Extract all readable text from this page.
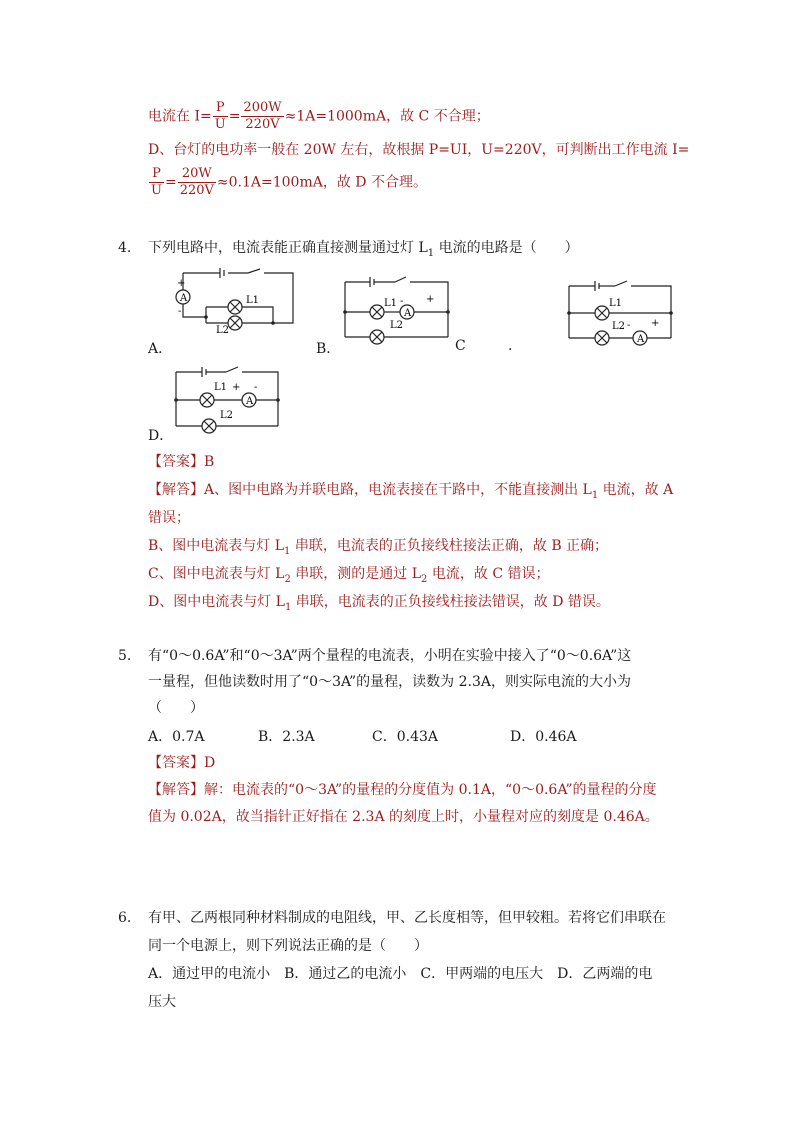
电流在 $I= \frac{P}{U} = \frac{200W}{220V} \approx 1A=1000mA$，故 C 不合理；
D、台灯的电功率一般在 20W 左右，故根据 P=UI，U=220V，可判断出工作电流 I=
$\frac{P}{U} = \frac{20W}{220V} \approx 0.1A=100mA$，故 D 不合理。
4. 下列电路中，电流表能正确直接测量通过灯 $L_1$ 电流的电路是（　　）
A
+
-
L1
L2
A．
A
L1 - +
L2
B．	C	.	A
L1
L2 - +
A
L1 + -
L2
D．
【答案】B
【解答】A、图中电路为并联电路，电流表接在干路中，不能直接测出 $L_1$ 电流，故 A
错误；
B、图中电流表与灯 $L_1$ 串联，电流表的正负接线柱接法正确，故 B 正确；
C、图中电流表与灯 $L_2$ 串联，测的是通过 $L_2$ 电流，故 C 错误；
D、图中电流表与灯 $L_1$ 串联，电流表的正负接线柱接法错误，故 D 错误。
5. 有“0～0.6A”和“0～3A”两个量程的电流表，小明在实验中接入了“0～0.6A”这
一量程，但他读数时用了“0～3A”的量程，读数为 2.3A，则实际电流的大小为
（　　）
A．0.7A	B．2.3A	C．0.43A	D．0.46A
【答案】D
【解答】解：电流表的“0～3A”的量程的分度值为 0.1A，“0～0.6A”的量程的分度
值为 0.02A，故当指针正好指在 2.3A 的刻度上时，小量程对应的刻度是 0.46A。
6. 有甲、乙两根同种材料制成的电阻线，甲、乙长度相等，但甲较粗。若将它们串联在
同一个电源上，则下列说法正确的是（　　）
A．通过甲的电流小　B．通过乙的电流小　C．甲两端的电压大　D．乙两端的电
压大
